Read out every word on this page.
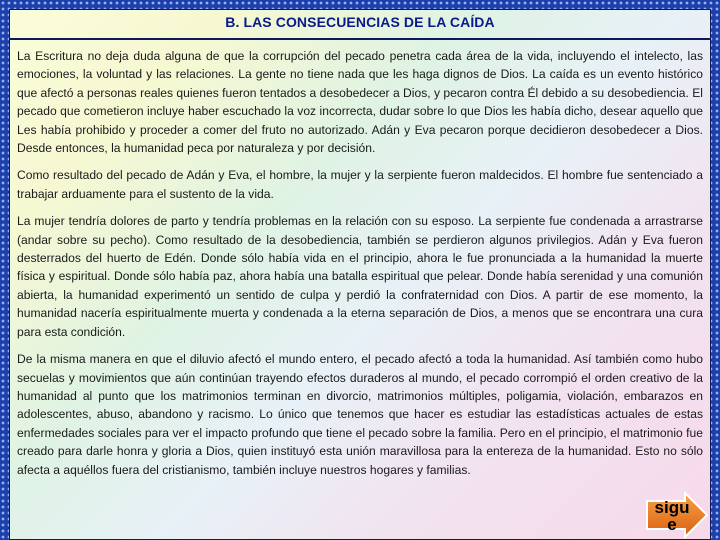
B. LAS CONSECUENCIAS DE LA CAÍDA

La Escritura no deja duda alguna de que la corrupción del pecado penetra cada área de la vida, incluyendo el intelecto, las emociones, la voluntad y las relaciones. La gente no tiene nada que les haga dignos de Dios. La caída es un evento histórico que afectó a personas reales quienes fueron tentados a desobedecer a Dios, y pecaron contra Él debido a su desobediencia. El pecado que cometieron incluye haber escuchado la voz incorrecta, dudar sobre lo que Dios les había dicho, desear aquello que Les había prohibido y proceder a comer del fruto no autorizado. Adán y Eva pecaron porque decidieron desobedecer a Dios. Desde entonces, la humanidad peca por naturaleza y por decisión.

Como resultado del pecado de Adán y Eva, el hombre, la mujer y la serpiente fueron maldecidos. El hombre fue sentenciado a trabajar arduamente para el sustento de la vida.

La mujer tendría dolores de parto y tendría problemas en la relación con su esposo. La serpiente fue condenada a arrastrarse (andar sobre su pecho). Como resultado de la desobediencia, también se perdieron algunos privilegios. Adán y Eva fueron desterrados del huerto de Edén. Donde sólo había vida en el principio, ahora le fue pronunciada a la humanidad la muerte física y espiritual. Donde sólo había paz, ahora había una batalla espiritual que pelear. Donde había serenidad y una comunión abierta, la humanidad experimentó un sentido de culpa y perdió la confraternidad con Dios. A partir de ese momento, la humanidad nacería espiritualmente muerta y condenada a la eterna separación de Dios, a menos que se encontrara una cura para esta condición.

De la misma manera en que el diluvio afectó el mundo entero, el pecado afectó a toda la humanidad. Así también como hubo secuelas y movimientos que aún continúan trayendo efectos duraderos al mundo, el pecado corrompió el orden creativo de la humanidad al punto que los matrimonios terminan en divorcio, matrimonios múltiples, poligamia, violación, embarazos en adolescentes, abuso, abandono y racismo. Lo único que tenemos que hacer es estudiar las estadísticas actuales de estas enfermedades sociales para ver el impacto profundo que tiene el pecado sobre la familia. Pero en el principio, el matrimonio fue creado para darle honra y gloria a Dios, quien instituyó esta unión maravillosa para la entereza de la humanidad. Esto no sólo afecta a aquéllos fuera del cristianismo, también incluye nuestros hogares y familias.

sigu
e
